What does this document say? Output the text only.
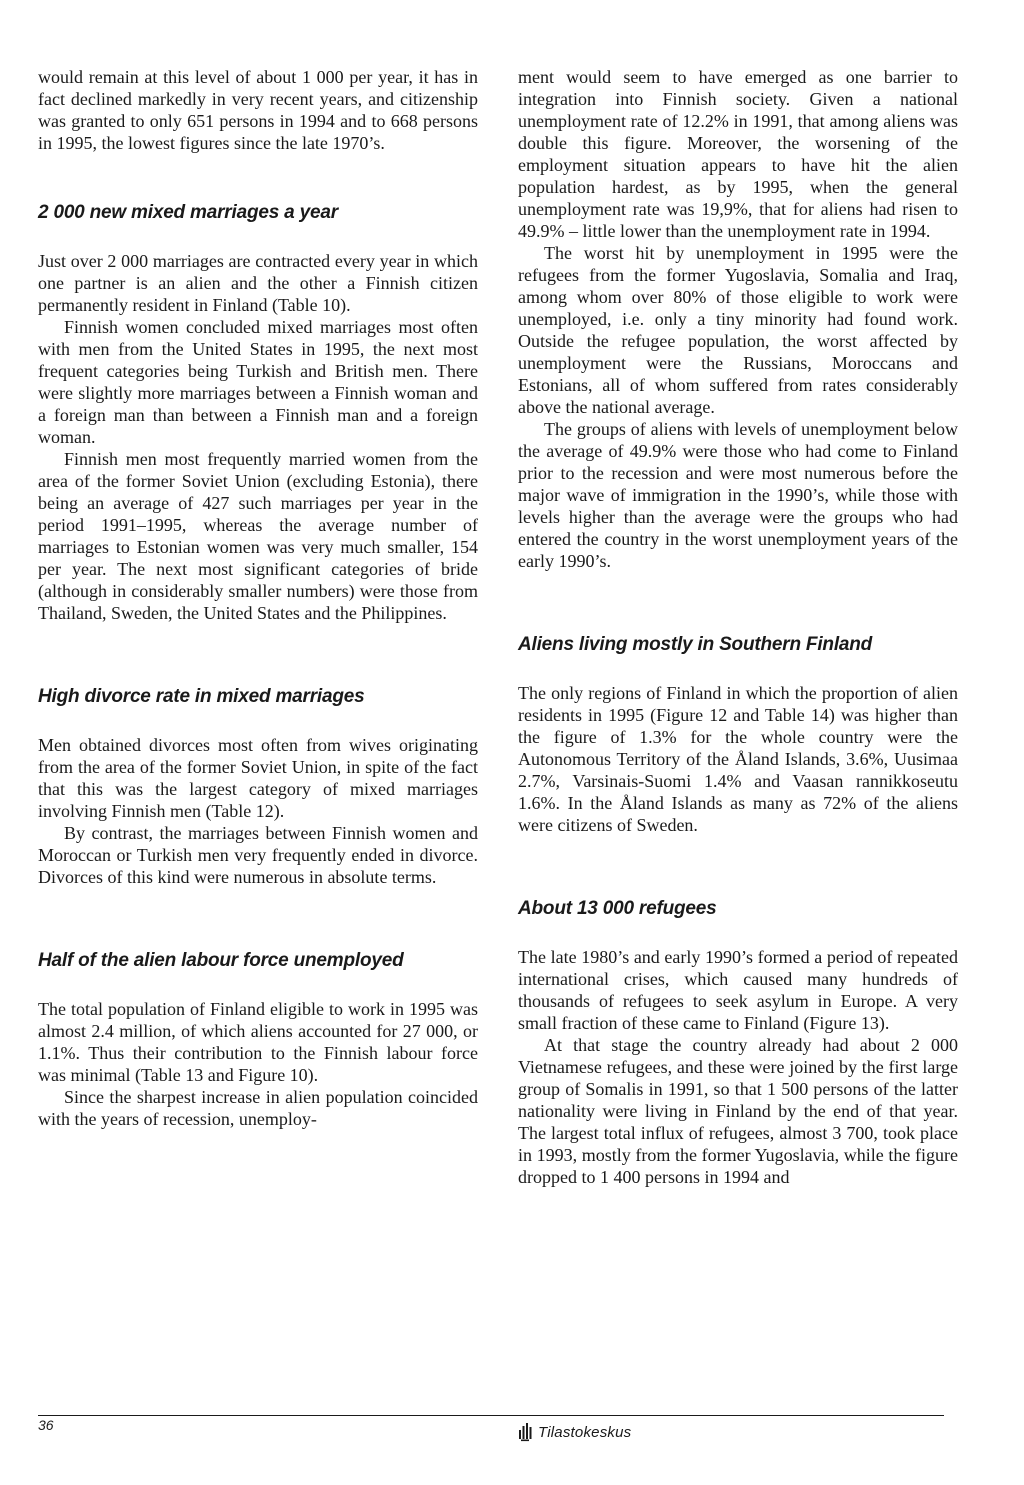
would remain at this level of about 1 000 per year, it has in fact declined markedly in very recent years, and citizenship was granted to only 651 persons in 1994 and to 668 persons in 1995, the lowest figures since the late 1970’s.

2 000 new mixed marriages a year

Just over 2 000 marriages are contracted every year in which one partner is an alien and the other a Finnish citizen permanently resident in Finland (Table 10).

Finnish women concluded mixed marriages most often with men from the United States in 1995, the next most frequent categories being Turkish and British men. There were slightly more marriages between a Finnish woman and a foreign man than between a Finnish man and a foreign woman.

Finnish men most frequently married women from the area of the former Soviet Union (excluding Estonia), there being an average of 427 such marriages per year in the period 1991–1995, whereas the average number of marriages to Estonian women was very much smaller, 154 per year. The next most significant categories of bride (although in considerably smaller numbers) were those from Thailand, Sweden, the United States and the Philippines.

High divorce rate in mixed marriages

Men obtained divorces most often from wives originating from the area of the former Soviet Union, in spite of the fact that this was the largest category of mixed marriages involving Finnish men (Table 12).

By contrast, the marriages between Finnish women and Moroccan or Turkish men very frequently ended in divorce. Divorces of this kind were numerous in absolute terms.

Half of the alien labour force unemployed

The total population of Finland eligible to work in 1995 was almost 2.4 million, of which aliens accounted for 27 000, or 1.1%. Thus their contribution to the Finnish labour force was minimal (Table 13 and Figure 10).

Since the sharpest increase in alien population coincided with the years of recession, unemploy-

ment would seem to have emerged as one barrier to integration into Finnish society. Given a national unemployment rate of 12.2% in 1991, that among aliens was double this figure. Moreover, the worsening of the employment situation appears to have hit the alien population hardest, as by 1995, when the general unemployment rate was 19,9%, that for aliens had risen to 49.9% – little lower than the unemployment rate in 1994.

The worst hit by unemployment in 1995 were the refugees from the former Yugoslavia, Somalia and Iraq, among whom over 80% of those eligible to work were unemployed, i.e. only a tiny minority had found work. Outside the refugee population, the worst affected by unemployment were the Russians, Moroccans and Estonians, all of whom suffered from rates considerably above the national average.

The groups of aliens with levels of unemployment below the average of 49.9% were those who had come to Finland prior to the recession and were most numerous before the major wave of immigration in the 1990’s, while those with levels higher than the average were the groups who had entered the country in the worst unemployment years of the early 1990’s.

Aliens living mostly in Southern Finland

The only regions of Finland in which the proportion of alien residents in 1995 (Figure 12 and Table 14) was higher than the figure of 1.3% for the whole country were the Autonomous Territory of the Åland Islands, 3.6%, Uusimaa 2.7%, Varsinais-Suomi 1.4% and Vaasan rannikkoseutu 1.6%. In the Åland Islands as many as 72% of the aliens were citizens of Sweden.

About 13 000 refugees

The late 1980’s and early 1990’s formed a period of repeated international crises, which caused many hundreds of thousands of refugees to seek asylum in Europe. A very small fraction of these came to Finland (Figure 13).

At that stage the country already had about 2 000 Vietnamese refugees, and these were joined by the first large group of Somalis in 1991, so that 1 500 persons of the latter nationality were living in Finland by the end of that year. The largest total influx of refugees, almost 3 700, took place in 1993, mostly from the former Yugoslavia, while the figure dropped to 1 400 persons in 1994 and

36	Tilastokeskus
